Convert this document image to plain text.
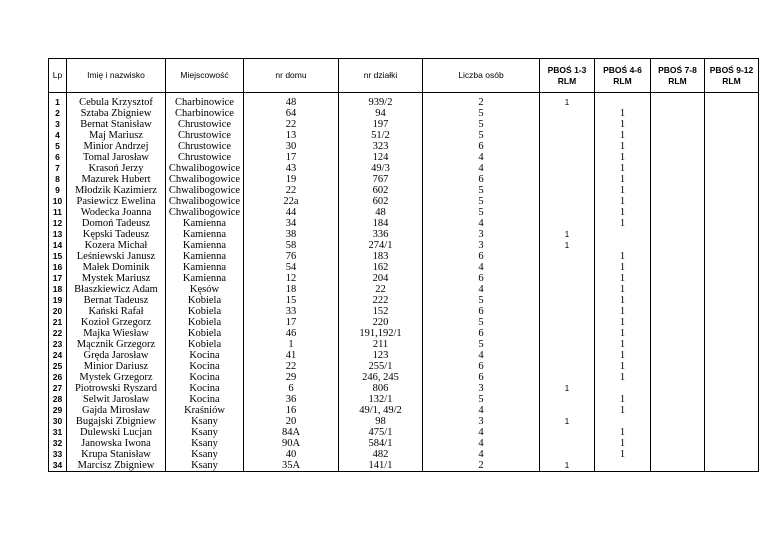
Lp	Imię i nazwisko	Miejscowość	nr domu	nr działki	Liczba osób	PBOŚ 1-3 RLM	PBOŚ 4-6 RLM	PBOŚ 7-8 RLM	PBOŚ 9-12 RLM

1	Cebula Krzysztof	Charbinowice	48	939/2	2	1			
2	Sztaba Zbigniew	Charbinowice	64	94	5		1		
3	Bernat Stanisław	Chrustowice	22	197	5		1		
4	Maj Mariusz	Chrustowice	13	51/2	5		1		
5	Minior Andrzej	Chrustowice	30	323	6		1		
6	Tomal Jarosław	Chrustowice	17	124	4		1		
7	Krasoń Jerzy	Chwalibogowice	43	49/3	4		1		
8	Mazurek Hubert	Chwalibogowice	19	767	6		1		
9	Młodzik Kazimierz	Chwalibogowice	22	602	5		1		
10	Pasiewicz Ewelina	Chwalibogowice	22a	602	5		1		
11	Wodecka Joanna	Chwalibogowice	44	48	5		1		
12	Domoń Tadeusz	Kamienna	34	184	4		1		
13	Kępski Tadeusz	Kamienna	38	336	3	1			
14	Kozera Michał	Kamienna	58	274/1	3	1			
15	Leśniewski Janusz	Kamienna	76	183	6		1		
16	Małek Dominik	Kamienna	54	162	4		1		
17	Mystek Mariusz	Kamienna	12	204	6		1		
18	Błaszkiewicz Adam	Kęsów	18	22	4		1		
19	Bernat Tadeusz	Kobiela	15	222	5		1		
20	Kański Rafał	Kobiela	33	152	6		1		
21	Kozioł Grzegorz	Kobiela	17	220	5		1		
22	Majka Wiesław	Kobiela	46	191,192/1	6		1		
23	Mącznik Grzegorz	Kobiela	1	211	5		1		
24	Gręda Jarosław	Kocina	41	123	4		1		
25	Minior Dariusz	Kocina	22	255/1	6		1		
26	Mystek Grzegorz	Kocina	29	246, 245	6		1		
27	Piotrowski Ryszard	Kocina	6	806	3	1			
28	Selwit Jarosław	Kocina	36	132/1	5		1		
29	Gajda Mirosław	Kraśniów	16	49/1, 49/2	4		1		
30	Bugajski Zbigniew	Ksany	20	98	3	1			
31	Dulewski Lucjan	Ksany	84A	475/1	4		1		
32	Janowska Iwona	Ksany	90A	584/1	4		1		
33	Krupa Stanisław	Ksany	40	482	4		1		
34	Marcisz Zbigniew	Ksany	35A	141/1	2	1			
